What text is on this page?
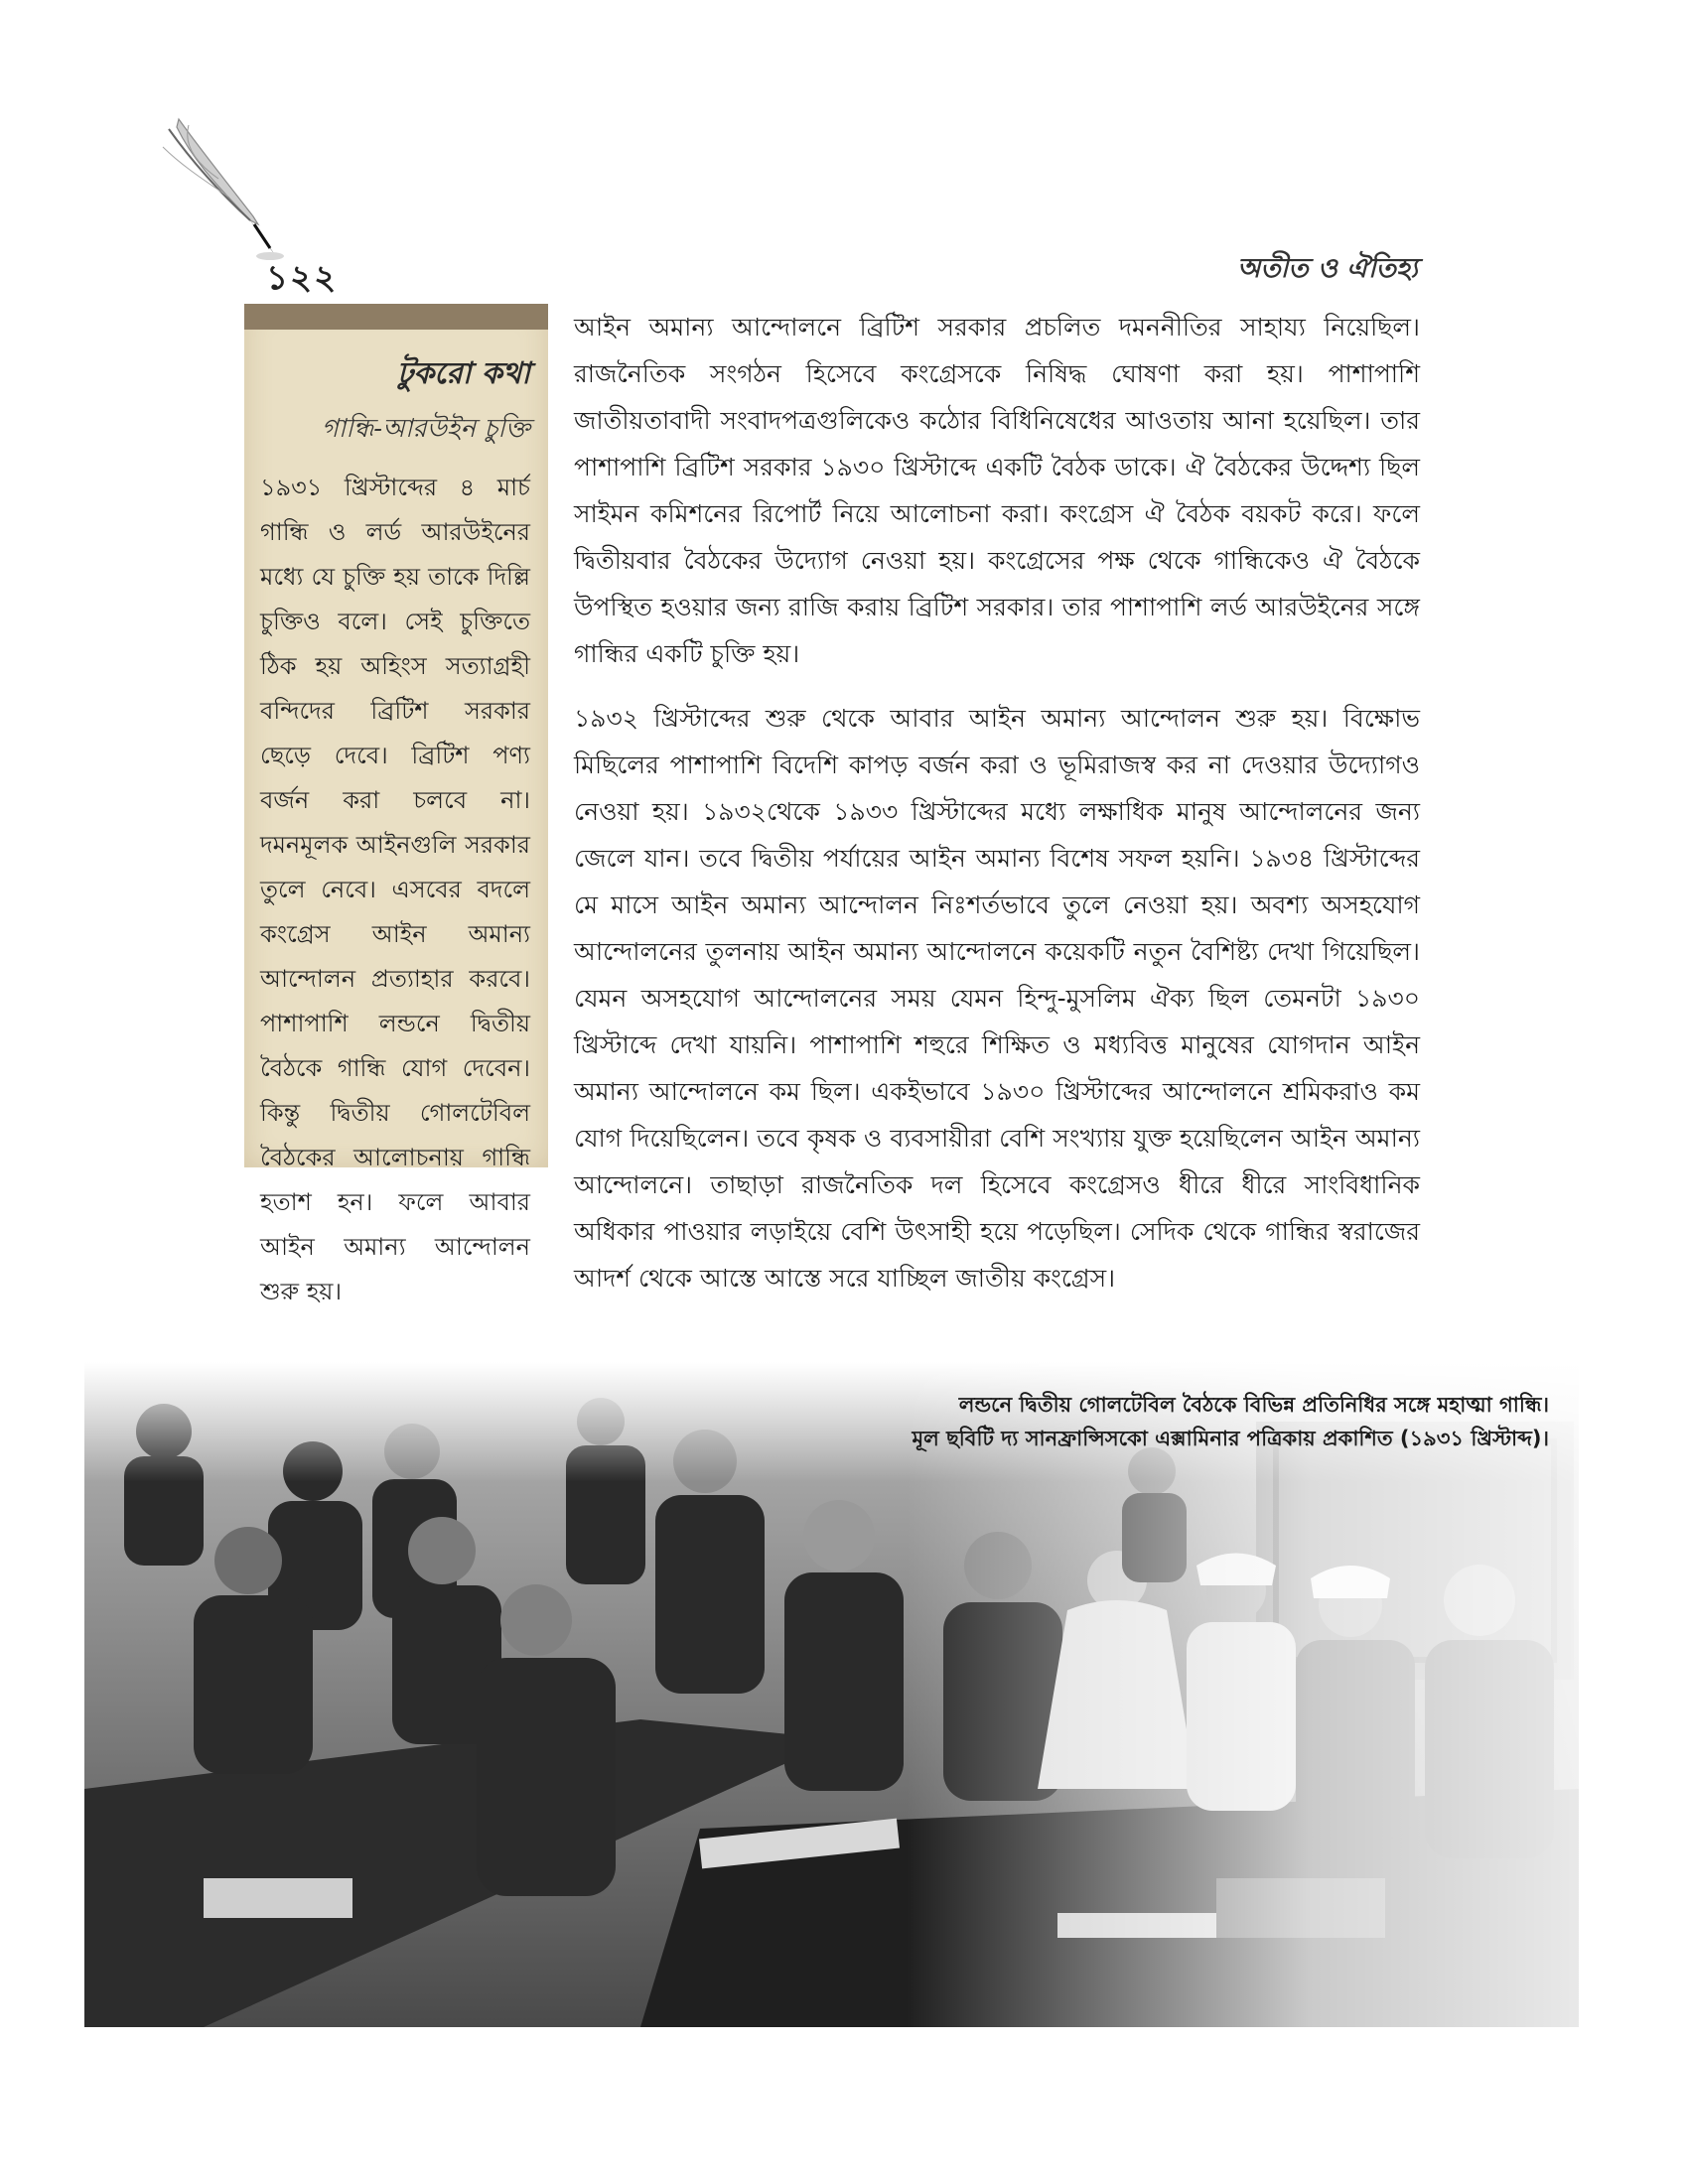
১২২	অতীত ও ঐতিহ্য
টুকরো কথা
গান্ধি-আরউইন চুক্তি
১৯৩১ খ্রিস্টাব্দের ৪ মার্চ গান্ধি ও লর্ড আরউইনের মধ্যে যে চুক্তি হয় তাকে দিল্লি চুক্তিও বলে। সেই চুক্তিতে ঠিক হয় অহিংস সত্যাগ্রহী বন্দিদের ব্রিটিশ সরকার ছেড়ে দেবে। ব্রিটিশ পণ্য বর্জন করা চলবে না। দমনমূলক আইনগুলি সরকার তুলে নেবে। এসবের বদলে কংগ্রেস আইন অমান্য আন্দোলন প্রত্যাহার করবে। পাশাপাশি লন্ডনে দ্বিতীয় বৈঠকে গান্ধি যোগ দেবেন। কিন্তু দ্বিতীয় গোলটেবিল বৈঠকের আলোচনায় গান্ধি হতাশ হন। ফলে আবার আইন অমান্য আন্দোলন শুরু হয়।

আইন অমান্য আন্দোলনে ব্রিটিশ সরকার প্রচলিত দমননীতির সাহায্য নিয়েছিল। রাজনৈতিক সংগঠন হিসেবে কংগ্রেসকে নিষিদ্ধ ঘোষণা করা হয়। পাশাপাশি জাতীয়তাবাদী সংবাদপত্রগুলিকেও কঠোর বিধিনিষেধের আওতায় আনা হয়েছিল। তার পাশাপাশি ব্রিটিশ সরকার ১৯৩০ খ্রিস্টাব্দে একটি বৈঠক ডাকে। ঐ বৈঠকের উদ্দেশ্য ছিল সাইমন কমিশনের রিপোর্ট নিয়ে আলোচনা করা। কংগ্রেস ঐ বৈঠক বয়কট করে। ফলে দ্বিতীয়বার বৈঠকের উদ্যোগ নেওয়া হয়। কংগ্রেসের পক্ষ থেকে গান্ধিকেও ঐ বৈঠকে উপস্থিত হওয়ার জন্য রাজি করায় ব্রিটিশ সরকার। তার পাশাপাশি লর্ড আরউইনের সঙ্গে গান্ধির একটি চুক্তি হয়।

১৯৩২ খ্রিস্টাব্দের শুরু থেকে আবার আইন অমান্য আন্দোলন শুরু হয়। বিক্ষোভ মিছিলের পাশাপাশি বিদেশি কাপড় বর্জন করা ও ভূমিরাজস্ব কর না দেওয়ার উদ্যোগও নেওয়া হয়। ১৯৩২থেকে ১৯৩৩ খ্রিস্টাব্দের মধ্যে লক্ষাধিক মানুষ আন্দোলনের জন্য জেলে যান। তবে দ্বিতীয় পর্যায়ের আইন অমান্য বিশেষ সফল হয়নি। ১৯৩৪ খ্রিস্টাব্দের মে মাসে আইন অমান্য আন্দোলন নিঃশর্তভাবে তুলে নেওয়া হয়। অবশ্য অসহযোগ আন্দোলনের তুলনায় আইন অমান্য আন্দোলনে কয়েকটি নতুন বৈশিষ্ট্য দেখা গিয়েছিল। যেমন অসহযোগ আন্দোলনের সময় যেমন হিন্দু-মুসলিম ঐক্য ছিল তেমনটা ১৯৩০ খ্রিস্টাব্দে দেখা যায়নি। পাশাপাশি শহুরে শিক্ষিত ও মধ্যবিত্ত মানুষের যোগদান আইন অমান্য আন্দোলনে কম ছিল। একইভাবে ১৯৩০ খ্রিস্টাব্দের আন্দোলনে শ্রমিকরাও কম যোগ দিয়েছিলেন। তবে কৃষক ও ব্যবসায়ীরা বেশি সংখ্যায় যুক্ত হয়েছিলেন আইন অমান্য আন্দোলনে। তাছাড়া রাজনৈতিক দল হিসেবে কংগ্রেসও ধীরে ধীরে সাংবিধানিক অধিকার পাওয়ার লড়াইয়ে বেশি উৎসাহী হয়ে পড়েছিল। সেদিক থেকে গান্ধির স্বরাজের আদর্শ থেকে আস্তে আস্তে সরে যাচ্ছিল জাতীয় কংগ্রেস।

লন্ডনে দ্বিতীয় গোলটেবিল বৈঠকে বিভিন্ন প্রতিনিধির সঙ্গে মহাত্মা গান্ধি।
মূল ছবিটি দ্য সানফ্রান্সিসকো এক্সামিনার পত্রিকায় প্রকাশিত (১৯৩১ খ্রিস্টাব্দ)।
